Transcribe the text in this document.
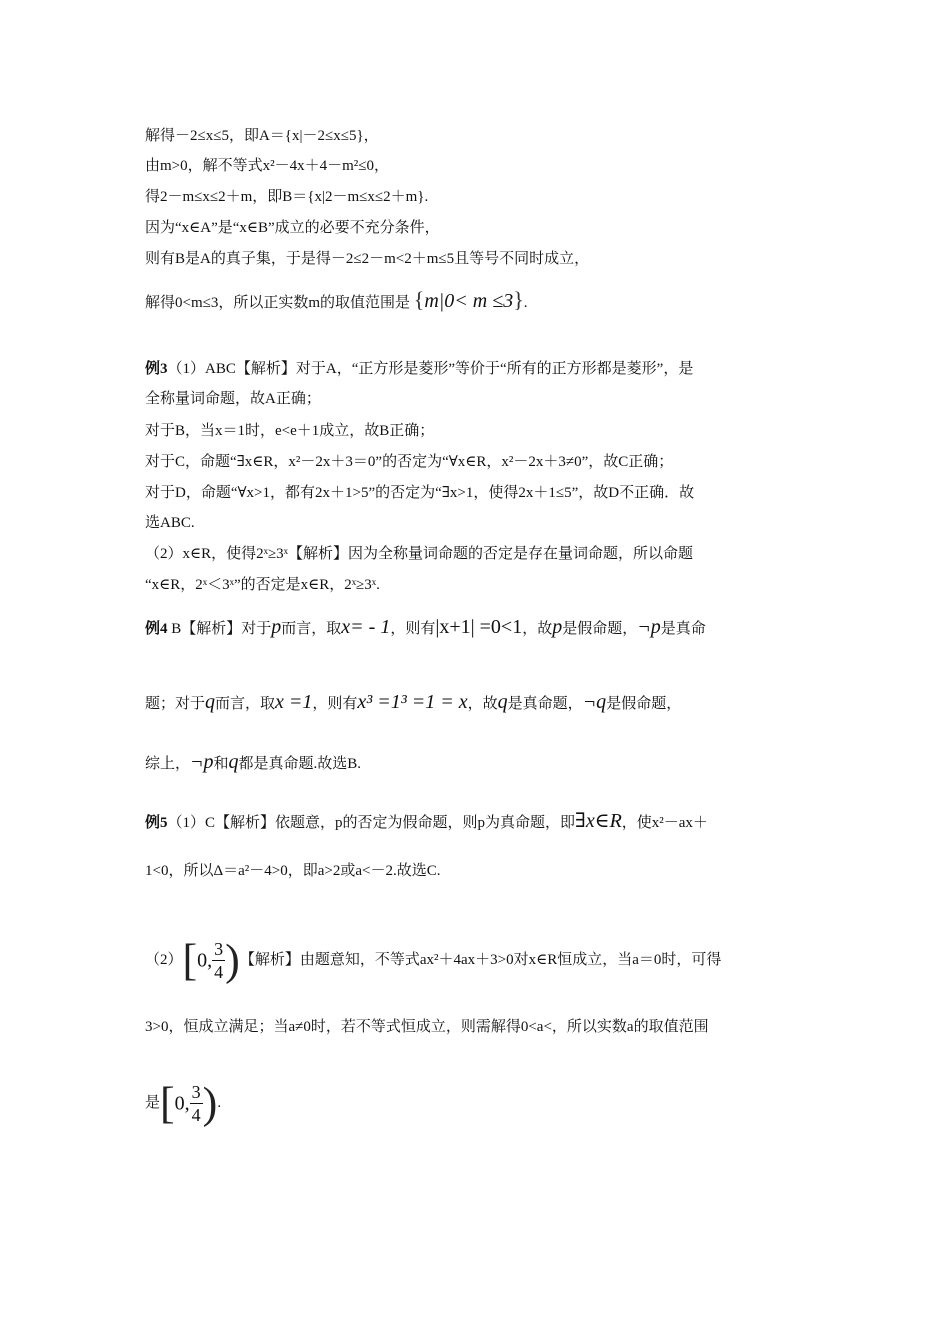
解得－2≤x≤5，即A＝{x|－2≤x≤5}，
由m>0，解不等式x²－4x＋4－m²≤0，
得2－m≤x≤2＋m，即B＝{x|2－m≤x≤2＋m}.
因为“x∈A”是“x∈B”成立的必要不充分条件，
则有B是A的真子集，于是得－2≤2－m<2＋m≤5且等号不同时成立，
解得0<m≤3，所以正实数m的取值范围是 {m|0< m ≤3}.
例3（1）ABC【解析】对于A，“正方形是菱形”等价于“所有的正方形都是菱形”，是
全称量词命题，故A正确；
对于B，当x＝1时，e<e＋1成立，故B正确；
对于C，命题“∃x∈R，x²－2x＋3＝0”的否定为“∀x∈R，x²－2x＋3≠0”，故C正确；
对于D，命题“∀x>1，都有2x＋1>5”的否定为“∃x>1，使得2x＋1≤5”，故D不正确．故
选ABC.
（2）x∈R，使得2ˣ≥3ˣ【解析】因为全称量词命题的否定是存在量词命题，所以命题
“x∈R，2ˣ＜3ˣ”的否定是x∈R，2ˣ≥3ˣ.
例4 B【解析】对于p而言，取x= - 1，则有|x+1| =0<1，故p是假命题，¬p是真命
题；对于q而言，取x =1，则有x³ =1³ =1 = x，故q是真命题，¬q是假命题，
综上，¬p和q都是真命题.故选B.
例5（1）C【解析】依题意，p的否定为假命题，则p为真命题，即∃x∈R，使x²－ax＋
1<0，所以Δ＝a²－4>0，即a>2或a<－2.故选C.
（2）[0, $\frac{3}{4}$ )【解析】由题意知，不等式ax²＋4ax＋3>0对x∈R恒成立，当a＝0时，可得
3>0，恒成立满足；当a≠0时，若不等式恒成立，则需解得0<a<，所以实数a的取值范围
是[0, $\frac{3}{4}$ ).
